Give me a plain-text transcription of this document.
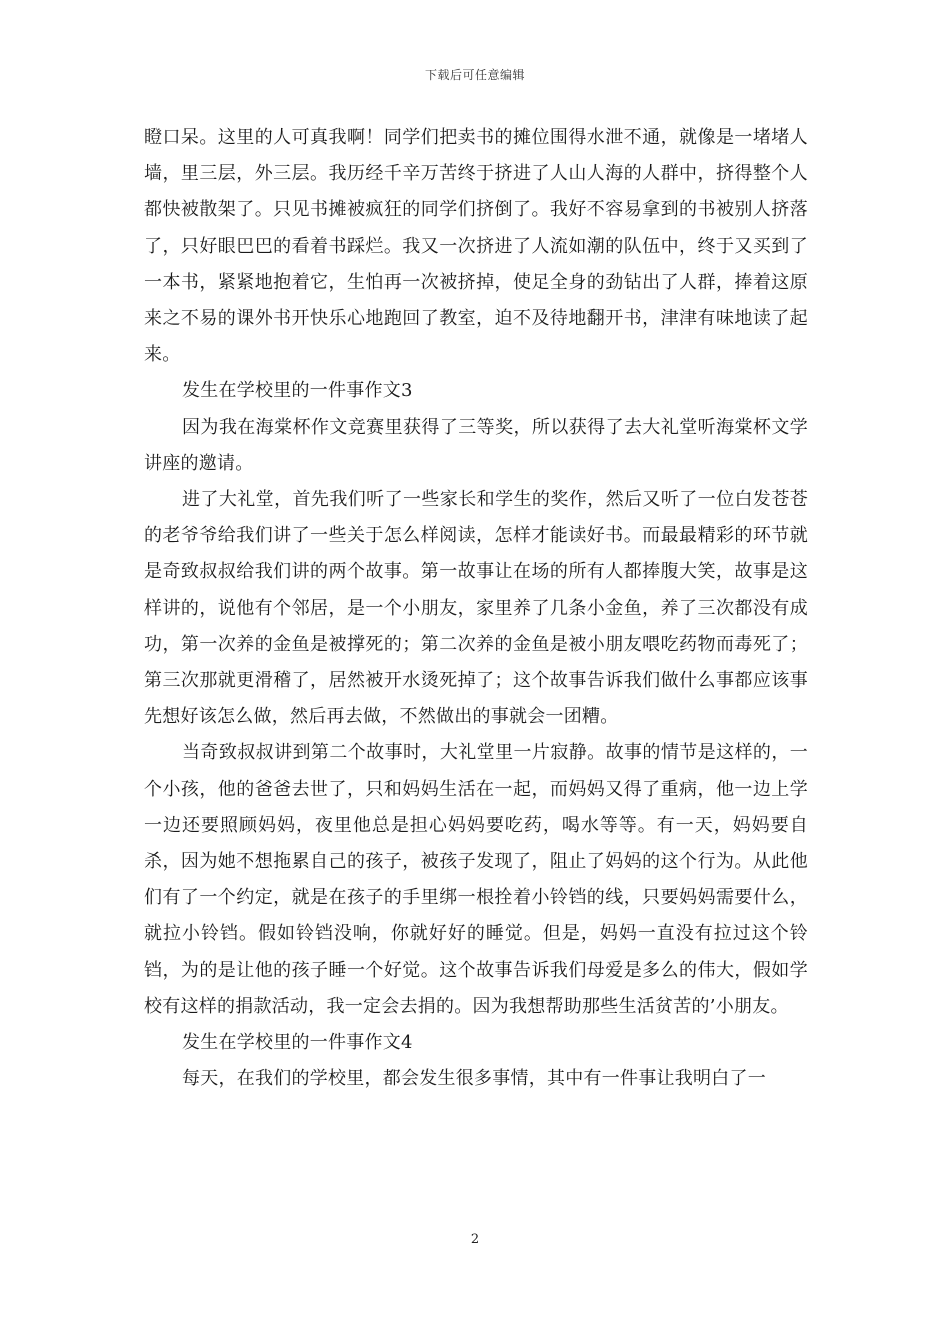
下载后可任意编辑

瞪口呆。这里的人可真我啊！同学们把卖书的摊位围得水泄不通，就像是一堵堵人墙，里三层，外三层。我历经千辛万苦终于挤进了人山人海的人群中，挤得整个人都快被散架了。只见书摊被疯狂的同学们挤倒了。我好不容易拿到的书被别人挤落了，只好眼巴巴的看着书踩烂。我又一次挤进了人流如潮的队伍中，终于又买到了一本书，紧紧地抱着它，生怕再一次被挤掉，使足全身的劲钻出了人群，捧着这原来之不易的课外书开快乐心地跑回了教室，迫不及待地翻开书，津津有味地读了起来。

发生在学校里的一件事作文3

因为我在海棠杯作文竞赛里获得了三等奖，所以获得了去大礼堂听海棠杯文学讲座的邀请。

进了大礼堂，首先我们听了一些家长和学生的奖作，然后又听了一位白发苍苍的老爷爷给我们讲了一些关于怎么样阅读，怎样才能读好书。而最最精彩的环节就是奇致叔叔给我们讲的两个故事。第一故事让在场的所有人都捧腹大笑，故事是这样讲的，说他有个邻居，是一个小朋友，家里养了几条小金鱼，养了三次都没有成功，第一次养的金鱼是被撑死的；第二次养的金鱼是被小朋友喂吃药物而毒死了；第三次那就更滑稽了，居然被开水烫死掉了；这个故事告诉我们做什么事都应该事先想好该怎么做，然后再去做，不然做出的事就会一团糟。

当奇致叔叔讲到第二个故事时，大礼堂里一片寂静。故事的情节是这样的，一个小孩，他的爸爸去世了，只和妈妈生活在一起，而妈妈又得了重病，他一边上学一边还要照顾妈妈，夜里他总是担心妈妈要吃药，喝水等等。有一天，妈妈要自杀，因为她不想拖累自己的孩子，被孩子发现了，阻止了妈妈的这个行为。从此他们有了一个约定，就是在孩子的手里绑一根拴着小铃铛的线，只要妈妈需要什么，就拉小铃铛。假如铃铛没响，你就好好的睡觉。但是，妈妈一直没有拉过这个铃铛，为的是让他的孩子睡一个好觉。这个故事告诉我们母爱是多么的伟大，假如学校有这样的捐款活动，我一定会去捐的。因为我想帮助那些生活贫苦的’小朋友。

发生在学校里的一件事作文4

每天，在我们的学校里，都会发生很多事情，其中有一件事让我明白了一

2
